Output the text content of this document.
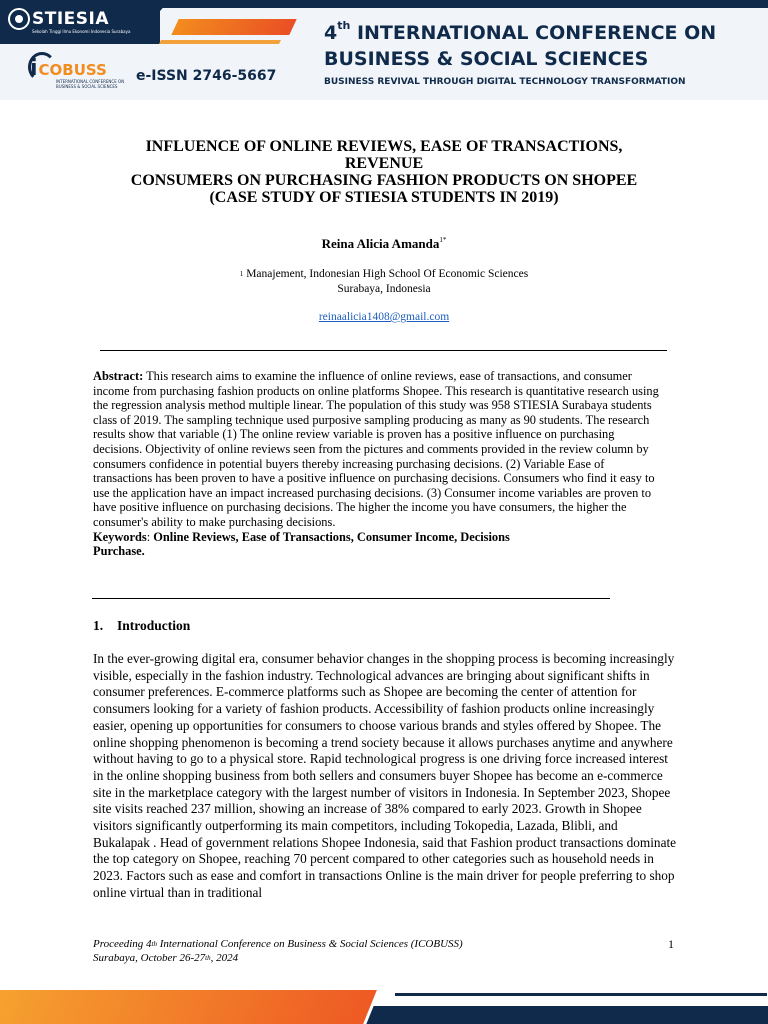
STIESIA
Sekolah Tinggi Ilmu Ekonomi Indonesia Surabaya
iCOBUSS
INTERNATIONAL CONFERENCE ON BUSINESS & SOCIAL SCIENCES
e-ISSN 2746-5667
4th INTERNATIONAL CONFERENCE ON
BUSINESS & SOCIAL SCIENCES
BUSINESS REVIVAL THROUGH DIGITAL TECHNOLOGY TRANSFORMATION
INFLUENCE OF ONLINE REVIEWS, EASE OF TRANSACTIONS,
REVENUE
CONSUMERS ON PURCHASING FASHION PRODUCTS ON SHOPEE
(CASE STUDY OF STIESIA STUDENTS IN 2019)
Reina Alicia Amanda$^{1*}$
$^1$ Manajement, Indonesian High School Of Economic Sciences
Surabaya, Indonesia
reinaalicia1408@gmail.com
Abstract: This research aims to examine the influence of online reviews, ease of transactions, and consumer income from purchasing fashion products on online platforms Shopee. This research is quantitative research using the regression analysis method multiple linear. The population of this study was 958 STIESIA Surabaya students class of 2019. The sampling technique used purposive sampling producing as many as 90 students. The research results show that variable (1) The online review variable is proven has a positive influence on purchasing decisions. Objectivity of online reviews seen from the pictures and comments provided in the review column by consumers confidence in potential buyers thereby increasing purchasing decisions. (2) Variable Ease of transactions has been proven to have a positive influence on purchasing decisions. Consumers who find it easy to use the application have an impact increased purchasing decisions. (3) Consumer income variables are proven to have positive influence on purchasing decisions. The higher the income you have consumers, the higher the consumer's ability to make purchasing decisions.
Keywords: Online Reviews, Ease of Transactions, Consumer Income, Decisions
Purchase.
1. Introduction
In the ever-growing digital era, consumer behavior changes in the shopping process is becoming increasingly visible, especially in the fashion industry. Technological advances are bringing about significant shifts in consumer preferences. E-commerce platforms such as Shopee are becoming the center of attention for consumers looking for a variety of fashion products. Accessibility of fashion products online increasingly easier, opening up opportunities for consumers to choose various brands and styles offered by Shopee. The online shopping phenomenon is becoming a trend society because it allows purchases anytime and anywhere without having to go to a physical store. Rapid technological progress is one driving force increased interest in the online shopping business from both sellers and consumers buyer Shopee has become an e-commerce site in the marketplace category with the largest number of visitors in Indonesia. In September 2023, Shopee site visits reached 237 million, showing an increase of 38% compared to early 2023. Growth in Shopee visitors significantly outperforming its main competitors, including Tokopedia, Lazada, Blibli, and Bukalapak . Head of government relations Shopee Indonesia, said that Fashion product transactions dominate the top category on Shopee, reaching 70 percent compared to other categories such as household needs in 2023. Factors such as ease and comfort in transactions Online is the main driver for people preferring to shop online virtual than in traditional
Proceeding 4th International Conference on Business & Social Sciences (ICOBUSS)
Surabaya, October 26-27th, 2024
1
